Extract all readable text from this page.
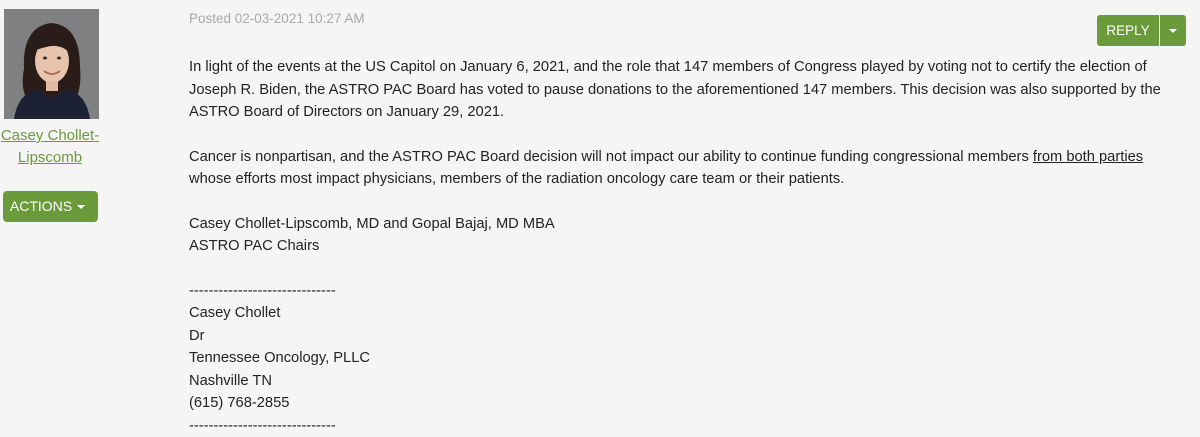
Casey Chollet-
Lipscomb
ACTIONS
Posted 02-03-2021 10:27 AM
REPLY

In light of the events at the US Capitol on January 6, 2021, and the role that 147 members of Congress played by voting not to certify the election of Joseph R. Biden, the ASTRO PAC Board has voted to pause donations to the aforementioned 147 members. This decision was also supported by the ASTRO Board of Directors on January 29, 2021.

Cancer is nonpartisan, and the ASTRO PAC Board decision will not impact our ability to continue funding congressional members from both parties whose efforts most impact physicians, members of the radiation oncology care team or their patients.

Casey Chollet-Lipscomb, MD and Gopal Bajaj, MD MBA

ASTRO PAC Chairs

------------------------------

Casey Chollet

Dr

Tennessee Oncology, PLLC

Nashville TN

(615) 768-2855

------------------------------
